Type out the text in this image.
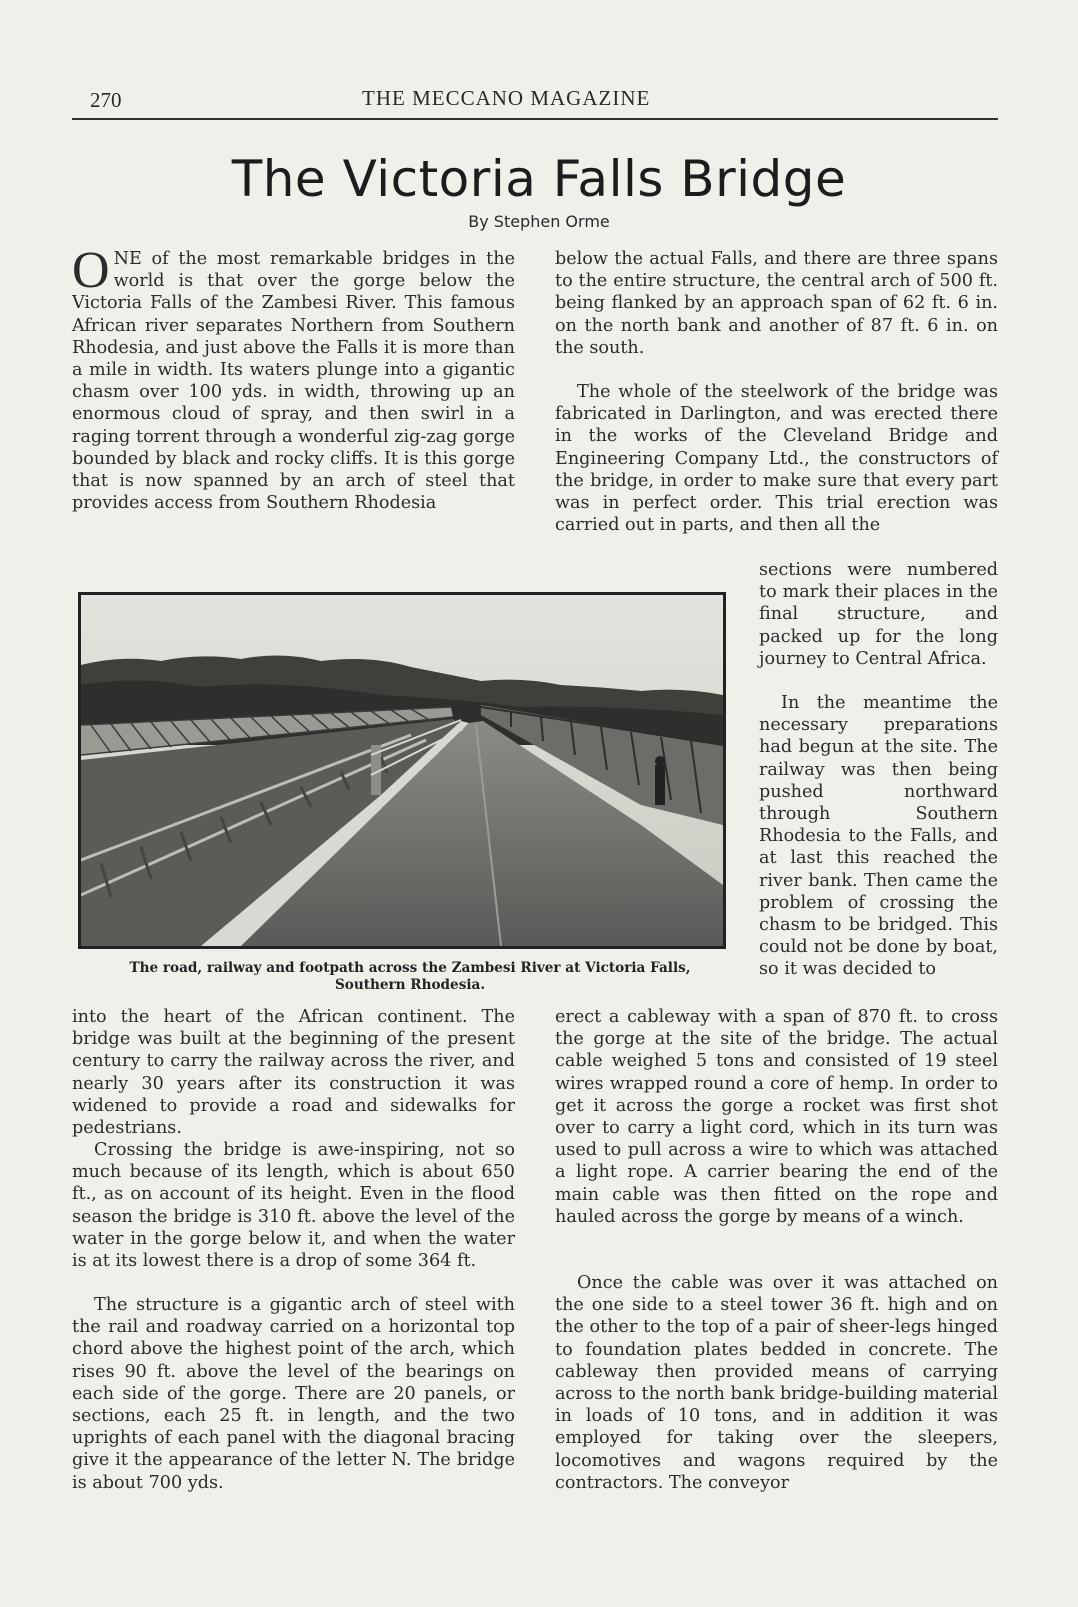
270	THE MECCANO MAGAZINE
The Victoria Falls Bridge
By Stephen Orme
ONE of the most remarkable bridges in the world is that over the gorge below the Victoria Falls of the Zambesi River. This famous African river separates Northern from Southern Rhodesia, and just above the Falls it is more than a mile in width. Its waters plunge into a gigantic chasm over 100 yds. in width, throwing up an enormous cloud of spray, and then swirl in a raging torrent through a wonderful zig-zag gorge bounded by black and rocky cliffs. It is this gorge that is now spanned by an arch of steel that provides access from Southern Rhodesia
below the actual Falls, and there are three spans to the entire structure, the central arch of 500 ft. being flanked by an approach span of 62 ft. 6 in. on the north bank and another of 87 ft. 6 in. on the south.
The whole of the steelwork of the bridge was fabricated in Darlington, and was erected there in the works of the Cleveland Bridge and Engineering Company Ltd., the constructors of the bridge, in order to make sure that every part was in perfect order. This trial erection was carried out in parts, and then all the
sections were numbered to mark their places in the final structure, and packed up for the long journey to Central Africa.
In the meantime the necessary preparations had begun at the site. The railway was then being pushed northward through Southern Rhodesia to the Falls, and at last this reached the river bank. Then came the problem of crossing the chasm to be bridged. This could not be done by boat, so it was decided to
The road, railway and footpath across the Zambesi River at Victoria Falls,
Southern Rhodesia.
into the heart of the African continent. The bridge was built at the beginning of the present century to carry the railway across the river, and nearly 30 years after its construction it was widened to provide a road and sidewalks for pedestrians.
Crossing the bridge is awe-inspiring, not so much because of its length, which is about 650 ft., as on account of its height. Even in the flood season the bridge is 310 ft. above the level of the water in the gorge below it, and when the water is at its lowest there is a drop of some 364 ft.
The structure is a gigantic arch of steel with the rail and roadway carried on a horizontal top chord above the highest point of the arch, which rises 90 ft. above the level of the bearings on each side of the gorge. There are 20 panels, or sections, each 25 ft. in length, and the two uprights of each panel with the diagonal bracing give it the appearance of the letter N. The bridge is about 700 yds.
erect a cableway with a span of 870 ft. to cross the gorge at the site of the bridge. The actual cable weighed 5 tons and consisted of 19 steel wires wrapped round a core of hemp. In order to get it across the gorge a rocket was first shot over to carry a light cord, which in its turn was used to pull across a wire to which was attached a light rope. A carrier bearing the end of the main cable was then fitted on the rope and hauled across the gorge by means of a winch.
Once the cable was over it was attached on the one side to a steel tower 36 ft. high and on the other to the top of a pair of sheer-legs hinged to foundation plates bedded in concrete. The cableway then provided means of carrying across to the north bank bridge-building material in loads of 10 tons, and in addition it was employed for taking over the sleepers, locomotives and wagons required by the contractors. The conveyor
